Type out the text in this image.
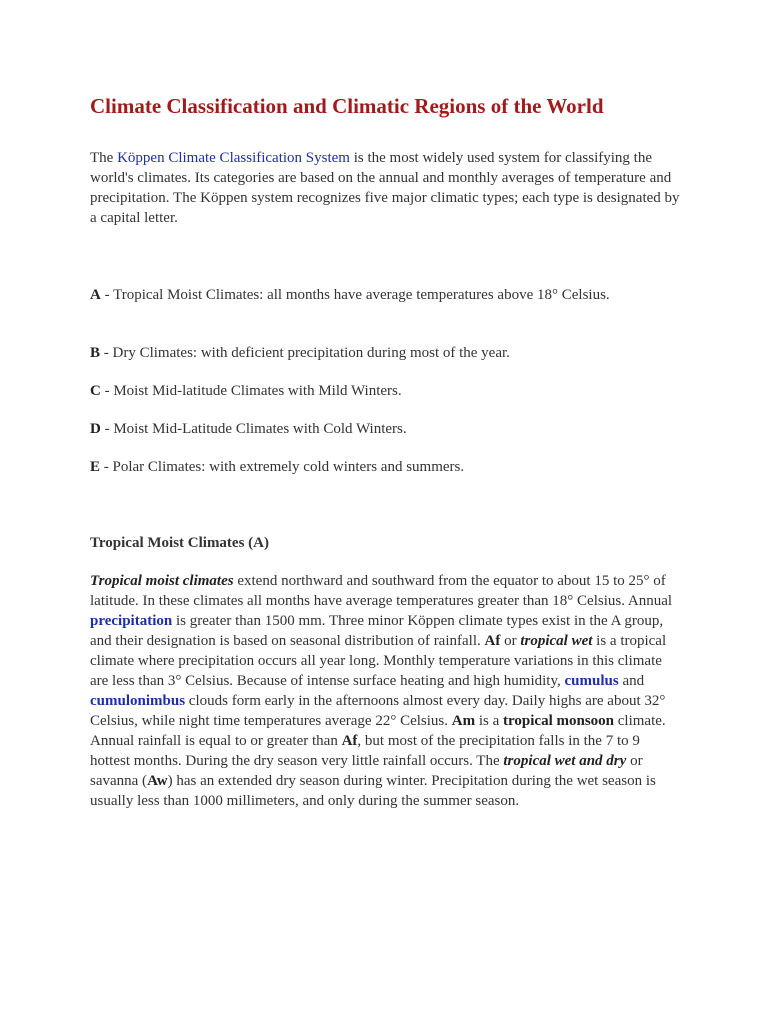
Climate Classification and Climatic Regions of the World

The Köppen Climate Classification System is the most widely used system for classifying the world's climates. Its categories are based on the annual and monthly averages of temperature and precipitation. The Köppen system recognizes five major climatic types; each type is designated by a capital letter.

A - Tropical Moist Climates: all months have average temperatures above 18° Celsius.

B - Dry Climates: with deficient precipitation during most of the year.

C - Moist Mid-latitude Climates with Mild Winters.

D - Moist Mid-Latitude Climates with Cold Winters.

E - Polar Climates: with extremely cold winters and summers.

Tropical Moist Climates (A)

Tropical moist climates extend northward and southward from the equator to about 15 to 25° of latitude. In these climates all months have average temperatures greater than 18° Celsius. Annual precipitation is greater than 1500 mm. Three minor Köppen climate types exist in the A group, and their designation is based on seasonal distribution of rainfall. Af or tropical wet is a tropical climate where precipitation occurs all year long. Monthly temperature variations in this climate are less than 3° Celsius. Because of intense surface heating and high humidity, cumulus and cumulonimbus clouds form early in the afternoons almost every day. Daily highs are about 32° Celsius, while night time temperatures average 22° Celsius. Am is a tropical monsoon climate. Annual rainfall is equal to or greater than Af, but most of the precipitation falls in the 7 to 9 hottest months. During the dry season very little rainfall occurs. The tropical wet and dry or savanna (Aw) has an extended dry season during winter. Precipitation during the wet season is usually less than 1000 millimeters, and only during the summer season.
